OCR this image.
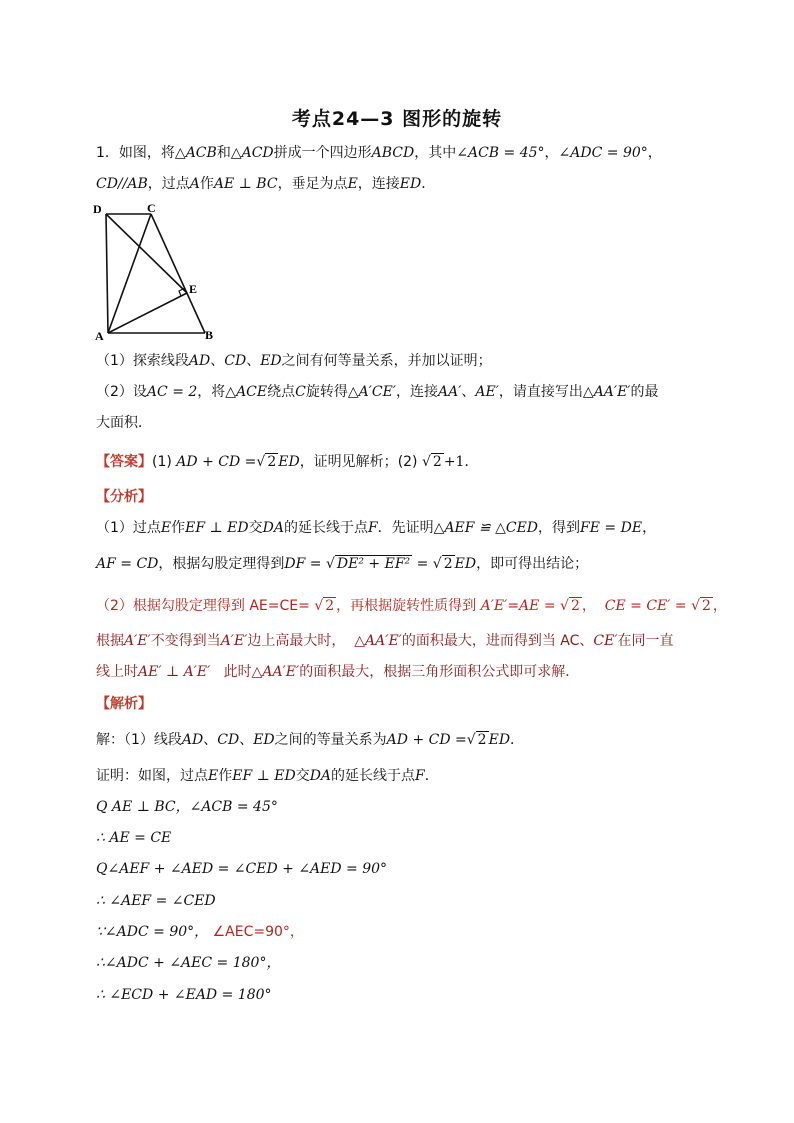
考点24—3 图形的旋转
1．如图，将△ACB和△ACD拼成一个四边形ABCD，其中∠ACB = 45°，∠ADC = 90°，
CD//AB，过点A作AE ⊥ BC，垂足为点E，连接ED．
D	C
E
A	B
（1）探索线段AD、CD、ED之间有何等量关系，并加以证明；
（2）设AC = 2，将△ACE绕点C旋转得△A′CE′，连接AA′、AE′，请直接写出△AA′E′的最
大面积．
【答案】(1) AD + CD =√ 2 ED，证明见解析；(2) √ 2 +1．
【分析】
（1）过点E作EF ⊥ ED交DA的延长线于点F．先证明△AEF ≌ △CED，得到FE = DE，
AF = CD，根据勾股定理得到DF = √ DE² + EF² = √ 2 ED，即可得出结论；
（2）根据勾股定理得到 AE=CE= √ 2 ，再根据旋转性质得到 A′E′=AE = √ 2 ， CE = CE′ = √ 2 ，
根据A′E′不变得到当A′E′边上高最大时， △AA′E′的面积最大，进而得到当 AC、CE′在同一直
线上时AE′ ⊥ A′E′ 此时△AA′E′的面积最大，根据三角形面积公式即可求解．
【解析】
解：（1）线段AD、CD、ED之间的等量关系为AD + CD =√ 2 ED．
证明：如图，过点E作EF ⊥ ED交DA的延长线于点F．
Q AE ⊥ BC，∠ACB = 45°
∴ AE = CE
Q∠AEF + ∠AED = ∠CED + ∠AED = 90°
∴ ∠AEF = ∠CED
∵∠ADC = 90°， ∠AEC=90°，
∴∠ADC + ∠AEC = 180°，
∴ ∠ECD + ∠EAD = 180°
